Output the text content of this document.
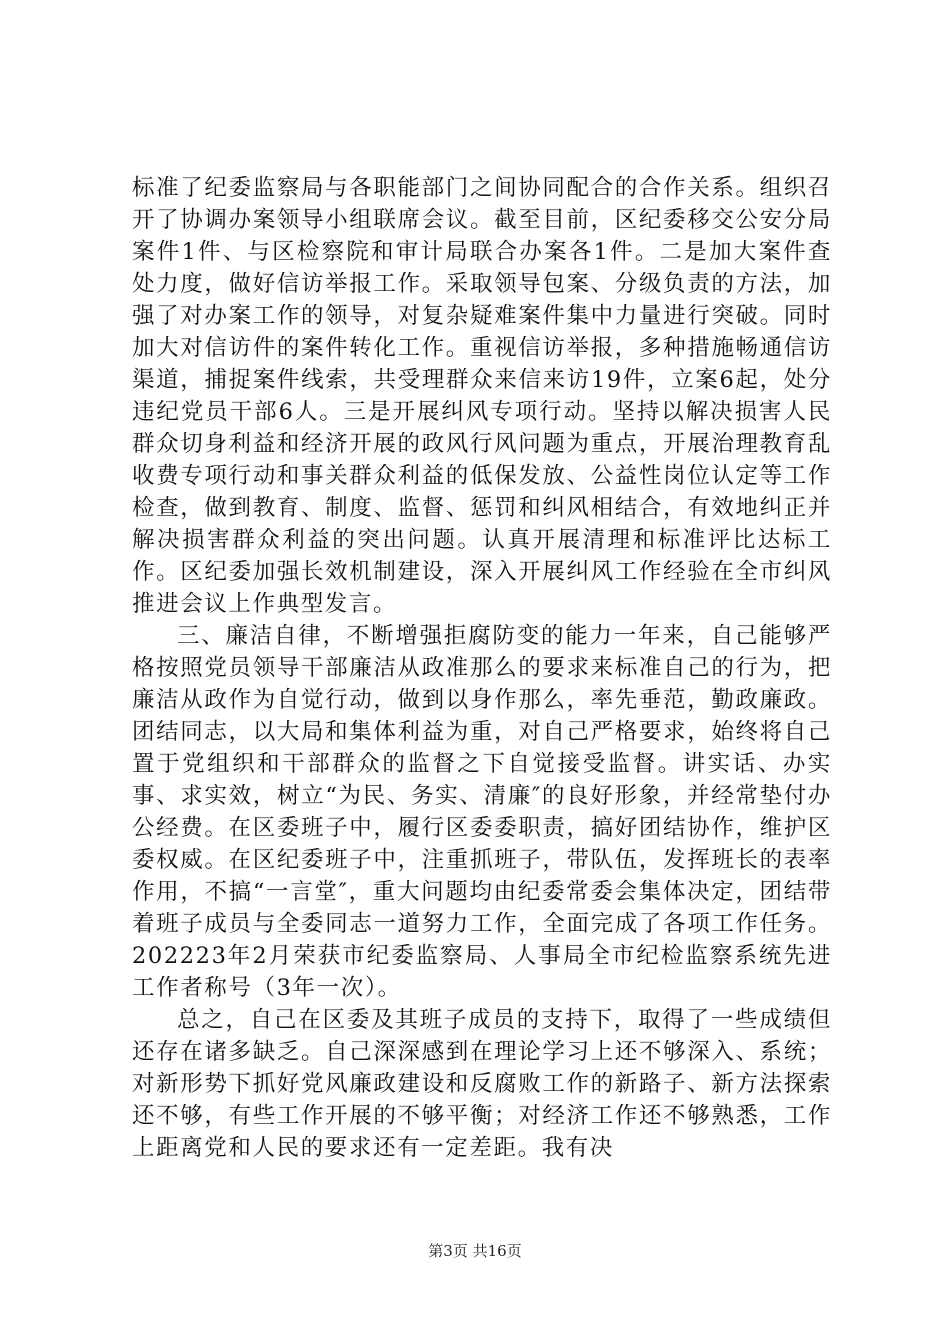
标准了纪委监察局与各职能部门之间协同配合的合作关系。组织召开了协调办案领导小组联席会议。截至目前，区纪委移交公安分局案件1件、与区检察院和审计局联合办案各1件。二是加大案件查处力度，做好信访举报工作。采取领导包案、分级负责的方法，加强了对办案工作的领导，对复杂疑难案件集中力量进行突破。同时加大对信访件的案件转化工作。重视信访举报，多种措施畅通信访渠道，捕捉案件线索，共受理群众来信来访19件，立案6起，处分违纪党员干部6人。三是开展纠风专项行动。坚持以解决损害人民群众切身利益和经济开展的政风行风问题为重点，开展治理教育乱收费专项行动和事关群众利益的低保发放、公益性岗位认定等工作检查，做到教育、制度、监督、惩罚和纠风相结合，有效地纠正并解决损害群众利益的突出问题。认真开展清理和标准评比达标工作。区纪委加强长效机制建设，深入开展纠风工作经验在全市纠风推进会议上作典型发言。

三、廉洁自律，不断增强拒腐防变的能力一年来，自己能够严格按照党员领导干部廉洁从政准那么的要求来标准自己的行为，把廉洁从政作为自觉行动，做到以身作那么，率先垂范，勤政廉政。团结同志，以大局和集体利益为重，对自己严格要求，始终将自己置于党组织和干部群众的监督之下自觉接受监督。讲实话、办实事、求实效，树立“为民、务实、清廉″的良好形象，并经常垫付办公经费。在区委班子中，履行区委委职责，搞好团结协作，维护区委权威。在区纪委班子中，注重抓班子，带队伍，发挥班长的表率作用，不搞“一言堂″，重大问题均由纪委常委会集体决定，团结带着班子成员与全委同志一道努力工作，全面完成了各项工作任务。202223年2月荣获市纪委监察局、人事局全市纪检监察系统先进工作者称号（3年一次）。

总之，自己在区委及其班子成员的支持下，取得了一些成绩但还存在诸多缺乏。自己深深感到在理论学习上还不够深入、系统；对新形势下抓好党风廉政建设和反腐败工作的新路子、新方法探索还不够，有些工作开展的不够平衡；对经济工作还不够熟悉，工作上距离党和人民的要求还有一定差距。我有决

第3页 共16页
